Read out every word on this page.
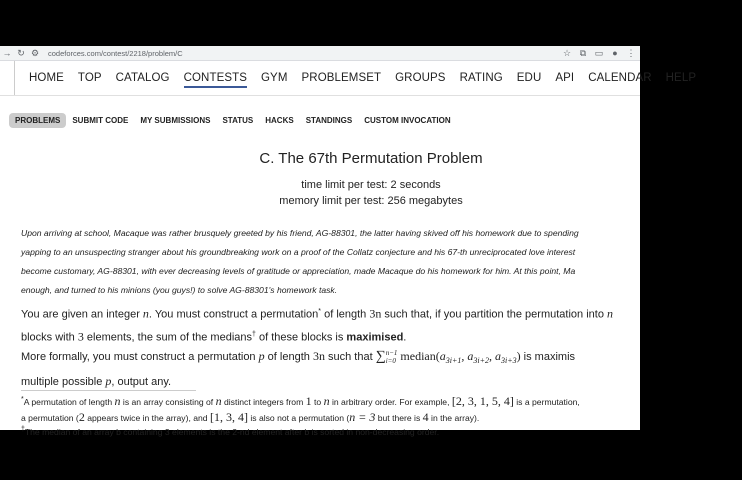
→ ↻ ⚙	codeforces.com/contest/2218/problem/C	☆ ⧉ ▭	● ⋮
HOME TOP CATALOG CONTESTS GYM PROBLEMSET GROUPS RATING EDU API CALENDAR HELP
PROBLEMS	SUBMIT CODE	MY SUBMISSIONS	STATUS	HACKS	STANDINGS	CUSTOM INVOCATION
C. The 67th Permutation Problem
time limit per test: 2 seconds
memory limit per test: 256 megabytes
Upon arriving at school, Macaque was rather brusquely greeted by his friend, AG-88301, the latter having skived off his homework due to spending
yapping to an unsuspecting stranger about his groundbreaking work on a proof of the Collatz conjecture and his 67-th unreciprocated love interest
become customary, AG-88301, with ever decreasing levels of gratitude or appreciation, made Macaque do his homework for him. At this point, Ma
enough, and turned to his minions (you guys!) to solve AG-88301's homework task.
You are given an integer n. You must construct a permutation* of length 3n such that, if you partition the permutation into n
blocks with 3 elements, the sum of the medians† of these blocks is maximised.
More formally, you must construct a permutation p of length 3n such that ∑ n−1
i=0 $median(a_{3i+1}$, $a_{3i+2}$, $a_{3i+3}$) is maximis
multiple possible p, output any.
*A permutation of length n is an array consisting of n distinct integers from 1 to n in arbitrary order. For example, [2, 3, 1, 5, 4] is a permutation,
a permutation (2 appears twice in the array), and [1, 3, 4] is also not a permutation (n = 3 but there is 4 in the array).
†The median of an array b containing 3 elements is the 2-nd element after b is sorted in non-decreasing order.
